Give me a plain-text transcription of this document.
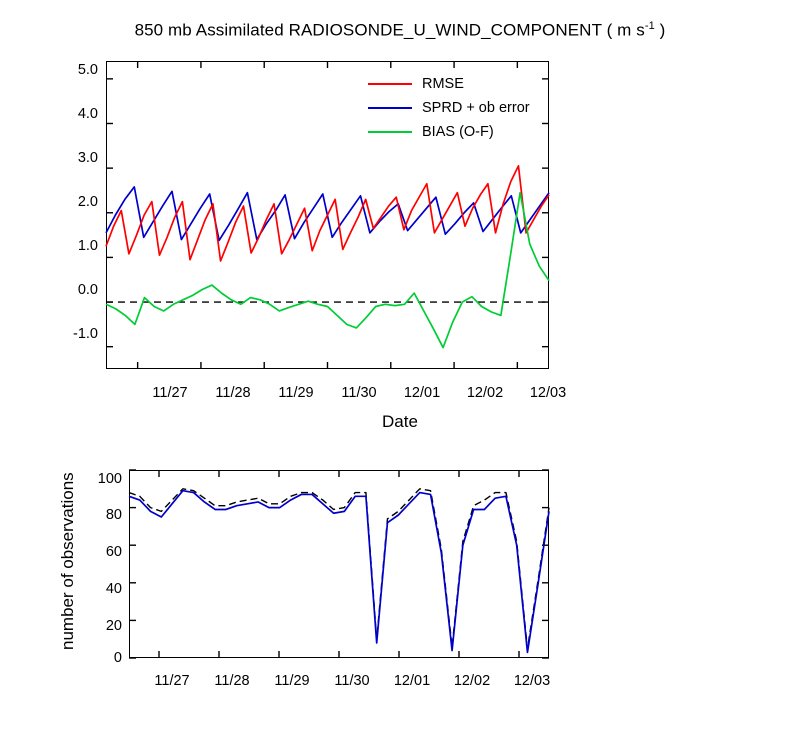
850 mb Assimilated RADIOSONDE_U_WIND_COMPONENT ( m $s^{-1}$ )
5.0
4.0
3.0
2.0
1.0
0.0
-1.0
11/27	11/28	11/29	11/30	12/01	12/02	12/03
Date
RMSE
SPRD + ob error
BIAS (O-F)
100
80
60
40
20
0
11/27	11/28	11/29	11/30	12/01	12/02	12/03
number of observations
